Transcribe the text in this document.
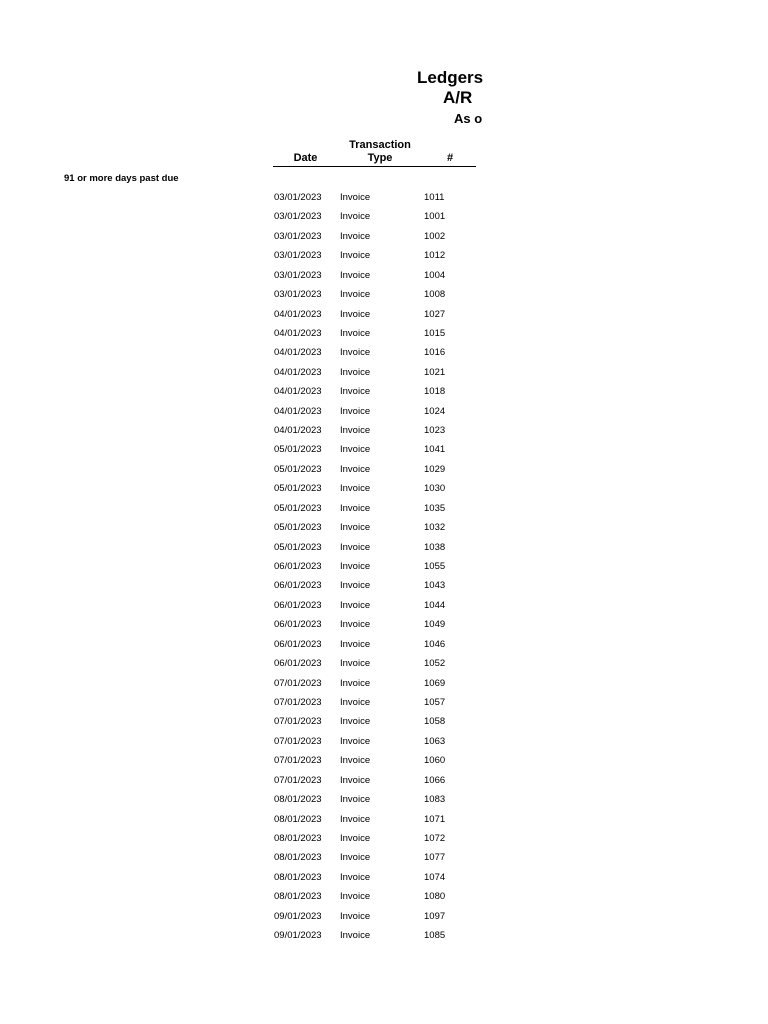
Ledgers
A/R
As o
Date
Transaction
Type	#
91 or more days past due
03/01/2023 Invoice	1011
03/01/2023 Invoice	1001
03/01/2023 Invoice	1002
03/01/2023 Invoice	1012
03/01/2023 Invoice	1004
03/01/2023 Invoice	1008
04/01/2023 Invoice	1027
04/01/2023 Invoice	1015
04/01/2023 Invoice	1016
04/01/2023 Invoice	1021
04/01/2023 Invoice	1018
04/01/2023 Invoice	1024
04/01/2023 Invoice	1023
05/01/2023 Invoice	1041
05/01/2023 Invoice	1029
05/01/2023 Invoice	1030
05/01/2023 Invoice	1035
05/01/2023 Invoice	1032
05/01/2023 Invoice	1038
06/01/2023 Invoice	1055
06/01/2023 Invoice	1043
06/01/2023 Invoice	1044
06/01/2023 Invoice	1049
06/01/2023 Invoice	1046
06/01/2023 Invoice	1052
07/01/2023 Invoice	1069
07/01/2023 Invoice	1057
07/01/2023 Invoice	1058
07/01/2023 Invoice	1063
07/01/2023 Invoice	1060
07/01/2023 Invoice	1066
08/01/2023 Invoice	1083
08/01/2023 Invoice	1071
08/01/2023 Invoice	1072
08/01/2023 Invoice	1077
08/01/2023 Invoice	1074
08/01/2023 Invoice	1080
09/01/2023 Invoice	1097
09/01/2023 Invoice	1085
